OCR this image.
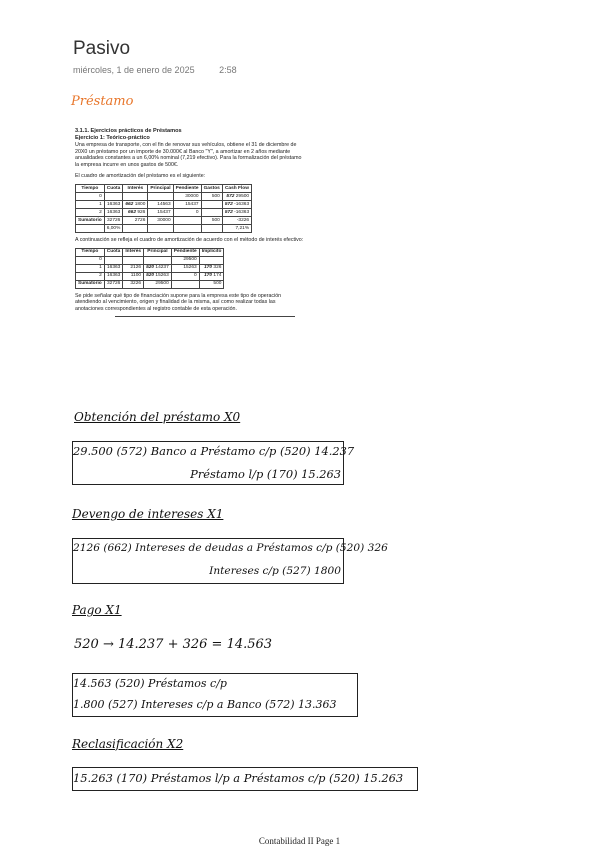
Pasivo
miércoles, 1 de enero de 2025	2:58
Préstamo

3.1.1. Ejercicios prácticos de Préstamos

Ejercicio 1: Teórico-práctico

Una empresa de transporte, con el fin de renovar sus vehículos, obtiene el 31 de diciembre de 20X0 un préstamo por un importe de 30.000€ al Banco "Y", a amortizar en 2 años mediante anualidades constantes a un 6,00% nominal (7,219 efectivo). Para la formalización del préstamo la empresa incurre en unos gastos de 500€.

El cuadro de amortización del préstamo es el siguiente:

Tiempo	Cuota	Interés	Principal	Pendiente	Gastos	Cash Flow
0				30000	500	572 29500
1	16363	662 1800	14563	15437		572 -16363
2	16363	662 926	15437	0		572 -16363
Sumatorio	32726	2726	30000		500	-3226
	6,00%					7,21%

A continuación se refleja el cuadro de amortización de acuerdo con el método de interés efectivo:

Tiempo	Cuota	Interés	Principal	Pendiente	Implícito
0				29500	
1	16363	2126	520 14237	15263	170 326
2	16363	1100	520 15263	0	170 174
Sumatorio	32726	3226	29500		500

Se pide señalar qué tipo de financiación supone para la empresa este tipo de operación atendiendo al vencimiento, origen y finalidad de la misma, así como realizar todas las anotaciones correspondientes al registro contable de esta operación.

Obtención del préstamo X0
29.500 (572) Banco a Préstamo c/p (520) 14.237
Préstamo l/p (170) 15.263
Devengo de intereses X1
2126 (662) Intereses de deudas a Préstamos c/p (520) 326
Intereses c/p (527) 1800
Pago X1
520 → 14.237 + 326 = 14.563
14.563 (520) Préstamos c/p
1.800 (527) Intereses c/p a Banco (572) 13.363
Reclasificación X2
15.263 (170) Préstamos l/p a Préstamos c/p (520) 15.263
Contabilidad II Page 1
